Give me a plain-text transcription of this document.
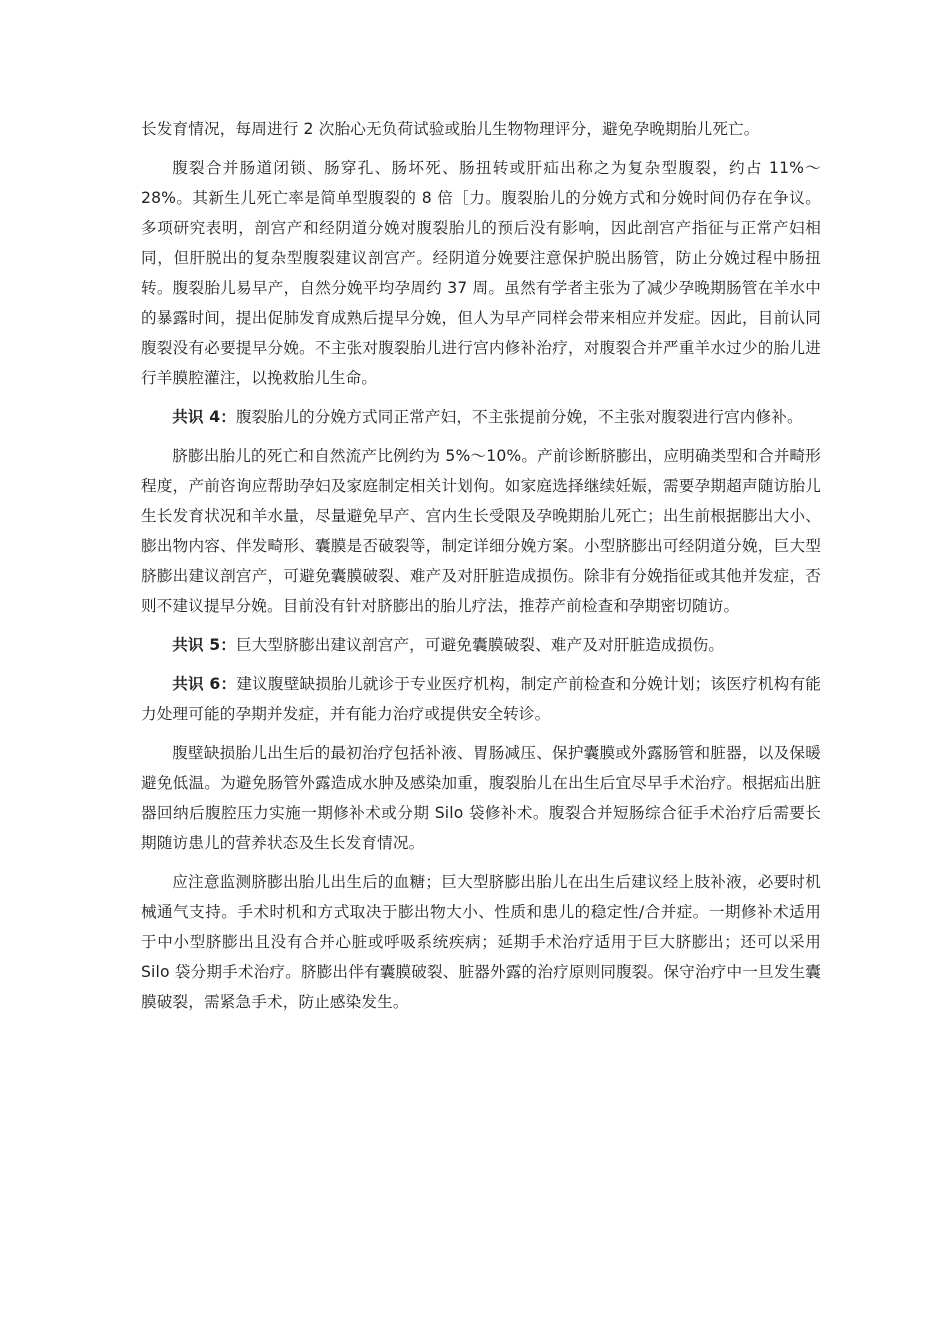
长发育情况，每周进行 2 次胎心无负荷试验或胎儿生物物理评分，避免孕晚期胎儿死亡。

腹裂合并肠道闭锁、肠穿孔、肠坏死、肠扭转或肝疝出称之为复杂型腹裂，约占 11%～28%。其新生儿死亡率是简单型腹裂的 8 倍［力。腹裂胎儿的分娩方式和分娩时间仍存在争议。多项研究表明，剖宫产和经阴道分娩对腹裂胎儿的预后没有影响，因此剖宫产指征与正常产妇相同，但肝脱出的复杂型腹裂建议剖宫产。经阴道分娩要注意保护脱出肠管，防止分娩过程中肠扭转。腹裂胎儿易早产，自然分娩平均孕周约 37 周。虽然有学者主张为了减少孕晚期肠管在羊水中的暴露时间，提出促肺发育成熟后提早分娩，但人为早产同样会带来相应并发症。因此，目前认同腹裂没有必要提早分娩。不主张对腹裂胎儿进行宫内修补治疗，对腹裂合并严重羊水过少的胎儿进行羊膜腔灌注，以挽救胎儿生命。

共识 4：腹裂胎儿的分娩方式同正常产妇，不主张提前分娩，不主张对腹裂进行宫内修补。

脐膨出胎儿的死亡和自然流产比例约为 5%～10%。产前诊断脐膨出，应明确类型和合并畸形程度，产前咨询应帮助孕妇及家庭制定相关计划佝。如家庭选择继续妊娠，需要孕期超声随访胎儿生长发育状况和羊水量，尽量避免早产、宫内生长受限及孕晚期胎儿死亡；出生前根据膨出大小、膨出物内容、伴发畸形、囊膜是否破裂等，制定详细分娩方案。小型脐膨出可经阴道分娩，巨大型脐膨出建议剖宫产，可避免囊膜破裂、难产及对肝脏造成损伤。除非有分娩指征或其他并发症，否则不建议提早分娩。目前没有针对脐膨出的胎儿疗法，推荐产前检查和孕期密切随访。

共识 5：巨大型脐膨出建议剖宫产，可避免囊膜破裂、难产及对肝脏造成损伤。

共识 6：建议腹壁缺损胎儿就诊于专业医疗机构，制定产前检查和分娩计划；该医疗机构有能力处理可能的孕期并发症，并有能力治疗或提供安全转诊。

腹壁缺损胎儿出生后的最初治疗包括补液、胃肠减压、保护囊膜或外露肠管和脏器，以及保暖避免低温。为避免肠管外露造成水肿及感染加重，腹裂胎儿在出生后宜尽早手术治疗。根据疝出脏器回纳后腹腔压力实施一期修补术或分期 Silo 袋修补术。腹裂合并短肠综合征手术治疗后需要长期随访患儿的营养状态及生长发育情况。

应注意监测脐膨出胎儿出生后的血糖；巨大型脐膨出胎儿在出生后建议经上肢补液，必要时机械通气支持。手术时机和方式取决于膨出物大小、性质和患儿的稳定性/合并症。一期修补术适用于中小型脐膨出且没有合并心脏或呼吸系统疾病；延期手术治疗适用于巨大脐膨出；还可以采用 Silo 袋分期手术治疗。脐膨出伴有囊膜破裂、脏器外露的治疗原则同腹裂。保守治疗中一旦发生囊膜破裂，需紧急手术，防止感染发生。
